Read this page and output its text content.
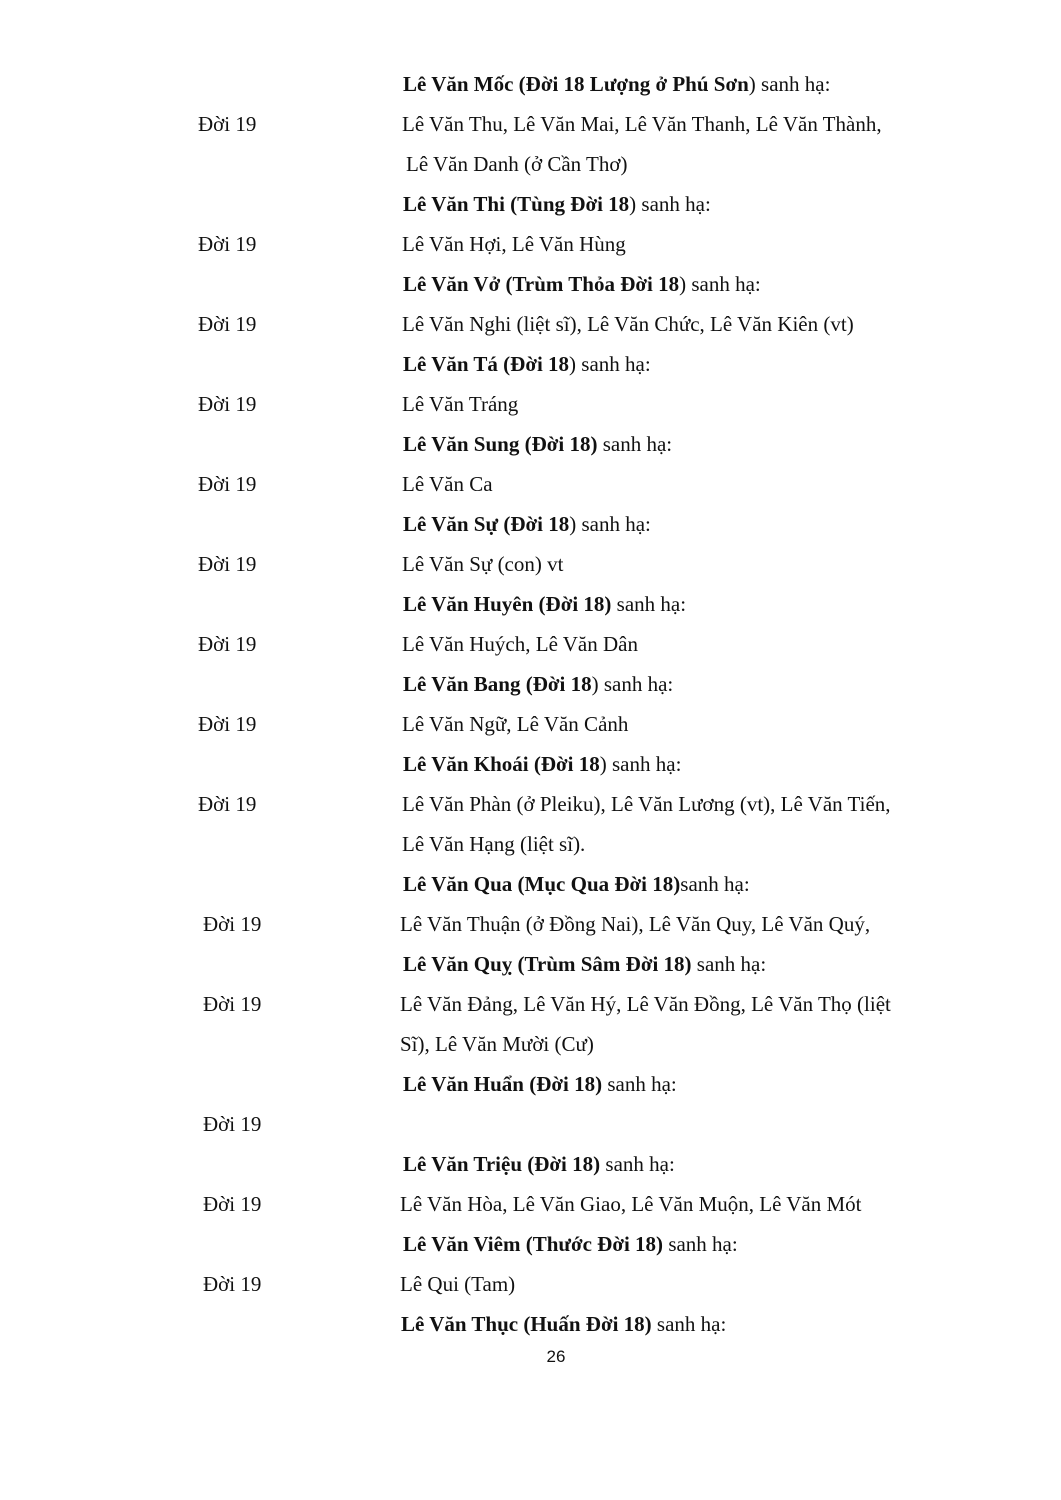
Lê Văn Mốc (Đời 18 Lượng ở Phú Sơn) sanh hạ:
Đời 19	Lê Văn Thu, Lê Văn Mai, Lê Văn Thanh, Lê Văn Thành,
Lê Văn Danh (ở Cần Thơ)
Lê Văn Thi (Tùng Đời 18) sanh hạ:
Đời 19	Lê Văn Hợi, Lê Văn Hùng
Lê Văn Vở (Trùm Thỏa Đời 18) sanh hạ:
Đời 19	Lê Văn Nghi (liệt sĩ), Lê Văn Chức, Lê Văn Kiên (vt)
Lê Văn Tá (Đời 18) sanh hạ:
Đời 19	Lê Văn Tráng
Lê Văn Sung (Đời 18) sanh hạ:
Đời 19	Lê Văn Ca
Lê Văn Sự (Đời 18) sanh hạ:
Đời 19	Lê Văn Sự (con) vt
Lê Văn Huyên (Đời 18) sanh hạ:
Đời 19	Lê Văn Huých, Lê Văn Dân
Lê Văn Bang (Đời 18) sanh hạ:
Đời 19	Lê Văn Ngữ, Lê Văn Cảnh
Lê Văn Khoái (Đời 18) sanh hạ:
Đời 19	Lê Văn Phàn (ở Pleiku), Lê Văn Lương (vt), Lê Văn Tiến,
Lê Văn Hạng (liệt sĩ).
Lê Văn Qua (Mục Qua Đời 18)sanh hạ:
Đời 19	Lê Văn Thuận (ở Đồng Nai), Lê Văn Quy, Lê Văn Quý,
Lê Văn Quỵ (Trùm Sâm Đời 18) sanh hạ:
Đời 19	Lê Văn Đảng, Lê Văn Hý, Lê Văn Đồng, Lê Văn Thọ (liệt
Sĩ), Lê Văn Mười (Cư)
Lê Văn Huẩn (Đời 18) sanh hạ:
Đời 19
Lê Văn Triệu (Đời 18) sanh hạ:
Đời 19	Lê Văn Hòa, Lê Văn Giao, Lê Văn Muộn, Lê Văn Mót
Lê Văn Viêm (Thước Đời 18) sanh hạ:
Đời 19	Lê Qui (Tam)
Lê Văn Thục (Huấn Đời 18) sanh hạ:
26
